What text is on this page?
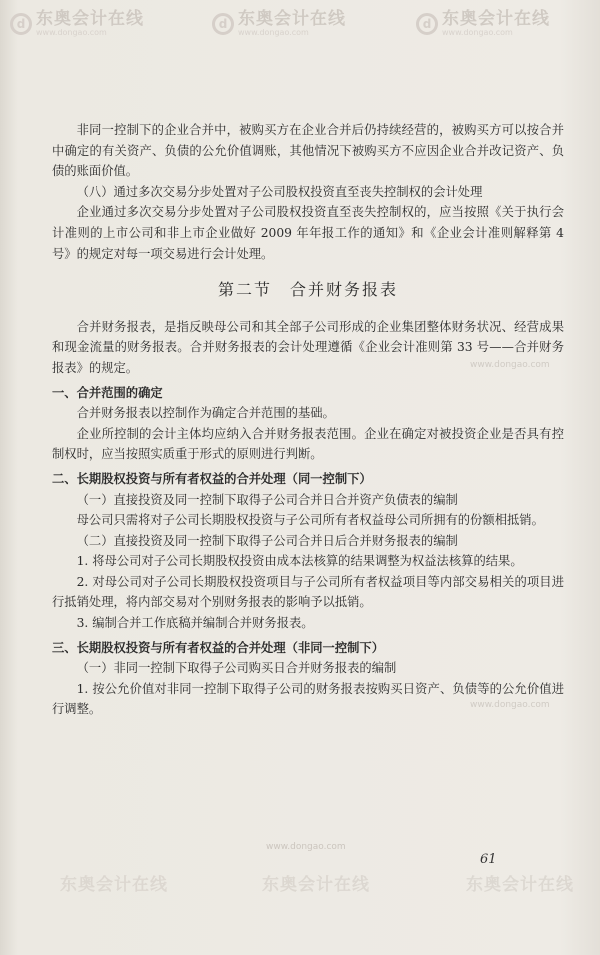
d 东奥会计在线
www.dongao.com
d 东奥会计在线
www.dongao.com
d 东奥会计在线
www.dongao.com
东奥会计在线	东奥会计在线	东奥会计在线
www.dongao.com
www.dongao.com
www.dongao.com

非同一控制下的企业合并中，被购买方在企业合并后仍持续经营的，被购买方可以按合并中确定的有关资产、负债的公允价值调账，其他情况下被购买方不应因企业合并改记资产、负债的账面价值。

（八）通过多次交易分步处置对子公司股权投资直至丧失控制权的会计处理

企业通过多次交易分步处置对子公司股权投资直至丧失控制权的，应当按照《关于执行会计准则的上市公司和非上市企业做好 2009 年年报工作的通知》和《企业会计准则解释第 4 号》的规定对每一项交易进行会计处理。

第二节　合并财务报表

合并财务报表，是指反映母公司和其全部子公司形成的企业集团整体财务状况、经营成果和现金流量的财务报表。合并财务报表的会计处理遵循《企业会计准则第 33 号——合并财务报表》的规定。

一、合并范围的确定

合并财务报表以控制作为确定合并范围的基础。

企业所控制的会计主体均应纳入合并财务报表范围。企业在确定对被投资企业是否具有控制权时，应当按照实质重于形式的原则进行判断。

二、长期股权投资与所有者权益的合并处理（同一控制下）

（一）直接投资及同一控制下取得子公司合并日合并资产负债表的编制

母公司只需将对子公司长期股权投资与子公司所有者权益母公司所拥有的份额相抵销。

（二）直接投资及同一控制下取得子公司合并日后合并财务报表的编制

1. 将母公司对子公司长期股权投资由成本法核算的结果调整为权益法核算的结果。

2. 对母公司对子公司长期股权投资项目与子公司所有者权益项目等内部交易相关的项目进行抵销处理，将内部交易对个别财务报表的影响予以抵销。

3. 编制合并工作底稿并编制合并财务报表。

三、长期股权投资与所有者权益的合并处理（非同一控制下）

（一）非同一控制下取得子公司购买日合并财务报表的编制

1. 按公允价值对非同一控制下取得子公司的财务报表按购买日资产、负债等的公允价值进行调整。

61
